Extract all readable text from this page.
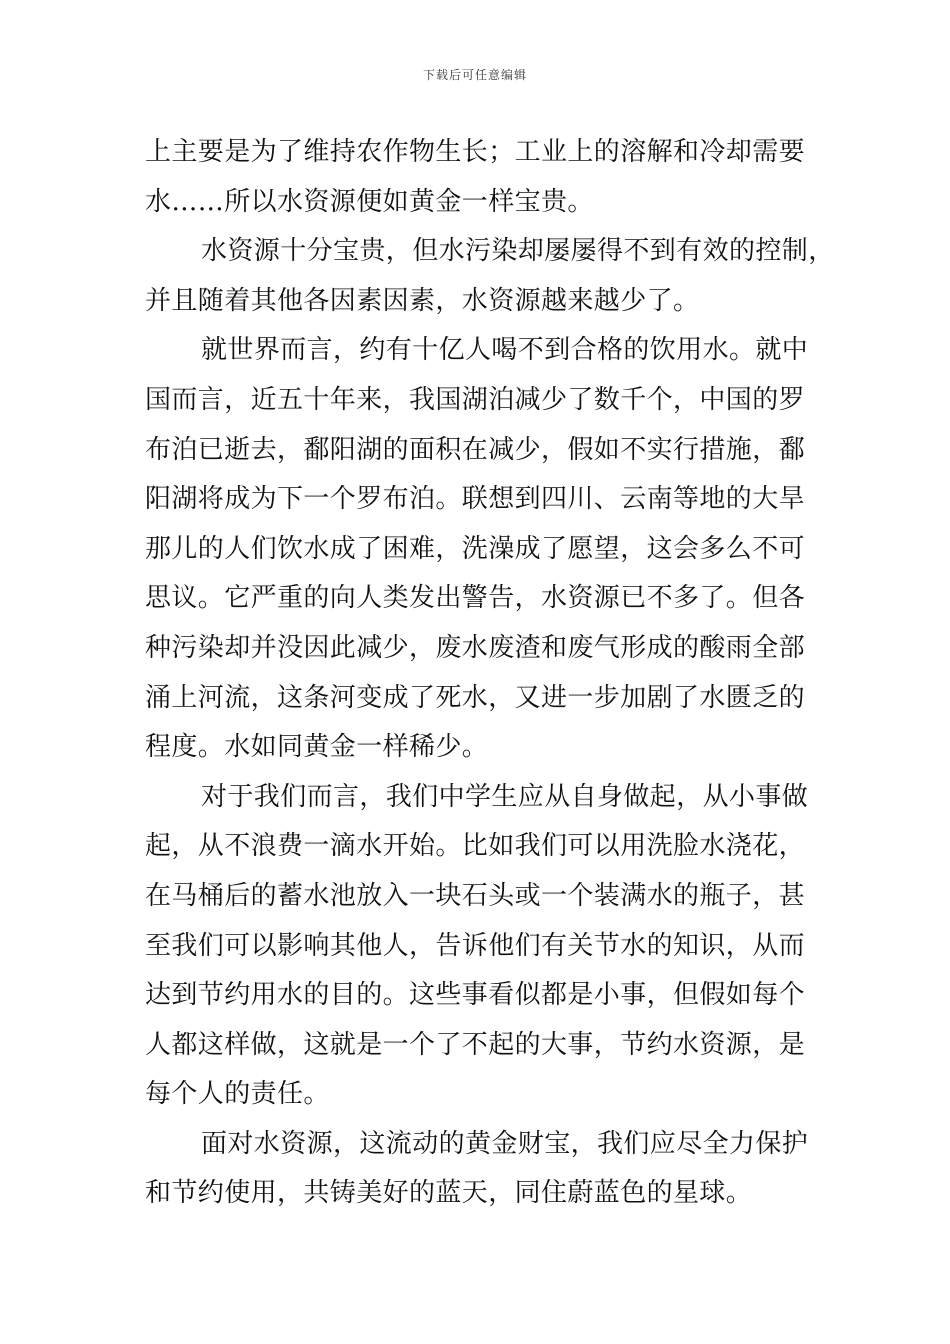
下载后可任意编辑
上主要是为了维持农作物生长；工业上的溶解和冷却需要
水……所以水资源便如黄金一样宝贵。
水资源十分宝贵，但水污染却屡屡得不到有效的控制，
并且随着其他各因素因素，水资源越来越少了。
就世界而言，约有十亿人喝不到合格的饮用水。就中
国而言，近五十年来，我国湖泊减少了数千个，中国的罗
布泊已逝去，鄱阳湖的面积在减少，假如不实行措施，鄱
阳湖将成为下一个罗布泊。联想到四川、云南等地的大旱
那儿的人们饮水成了困难，洗澡成了愿望，这会多么不可
思议。它严重的向人类发出警告，水资源已不多了。但各
种污染却并没因此减少，废水废渣和废气形成的酸雨全部
涌上河流，这条河变成了死水，又进一步加剧了水匮乏的
程度。水如同黄金一样稀少。
对于我们而言，我们中学生应从自身做起，从小事做
起，从不浪费一滴水开始。比如我们可以用洗脸水浇花，
在马桶后的蓄水池放入一块石头或一个装满水的瓶子，甚
至我们可以影响其他人，告诉他们有关节水的知识，从而
达到节约用水的目的。这些事看似都是小事，但假如每个
人都这样做，这就是一个了不起的大事，节约水资源，是
每个人的责任。
面对水资源，这流动的黄金财宝，我们应尽全力保护
和节约使用，共铸美好的蓝天，同住蔚蓝色的星球。
